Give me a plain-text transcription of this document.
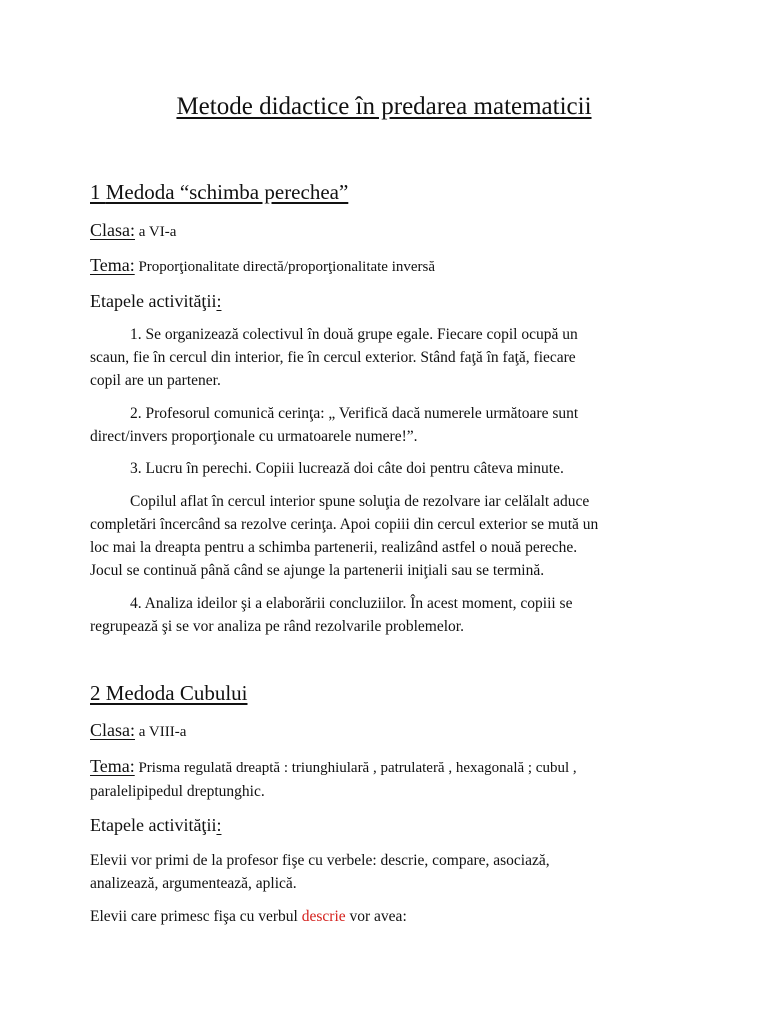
Metode didactice în predarea matematicii
1 Medoda “schimba perechea”
Clasa: a VI-a
Tema: Proporţionalitate directă/proporţionalitate inversă
Etapele activităţii:
1. Se organizează colectivul în două grupe egale. Fiecare copil ocupă un
scaun, fie în cercul din interior, fie în cercul exterior. Stând faţă în faţă, fiecare
copil are un partener.
2. Profesorul comunică cerinţa: „ Verifică dacă numerele următoare sunt
direct/invers proporţionale cu urmatoarele numere!”.
3. Lucru în perechi. Copiii lucrează doi câte doi pentru câteva minute.
Copilul aflat în cercul interior spune soluţia de rezolvare iar celălalt aduce
completări încercând sa rezolve cerinţa. Apoi copiii din cercul exterior se mută un
loc mai la dreapta pentru a schimba partenerii, realizând astfel o nouă pereche.
Jocul se continuă până când se ajunge la partenerii iniţiali sau se termină.
4. Analiza ideilor şi a elaborării concluziilor. În acest moment, copiii se
regrupează şi se vor analiza pe rând rezolvarile problemelor.
2 Medoda Cubului
Clasa: a VIII-a
Tema: Prisma regulată dreaptă : triunghiulară , patrulateră , hexagonală ; cubul ,
paralelipipedul dreptunghic.
Etapele activităţii:
Elevii vor primi de la profesor fişe cu verbele: descrie, compare, asociază,
analizează, argumentează, aplică.
Elevii care primesc fişa cu verbul descrie vor avea:
